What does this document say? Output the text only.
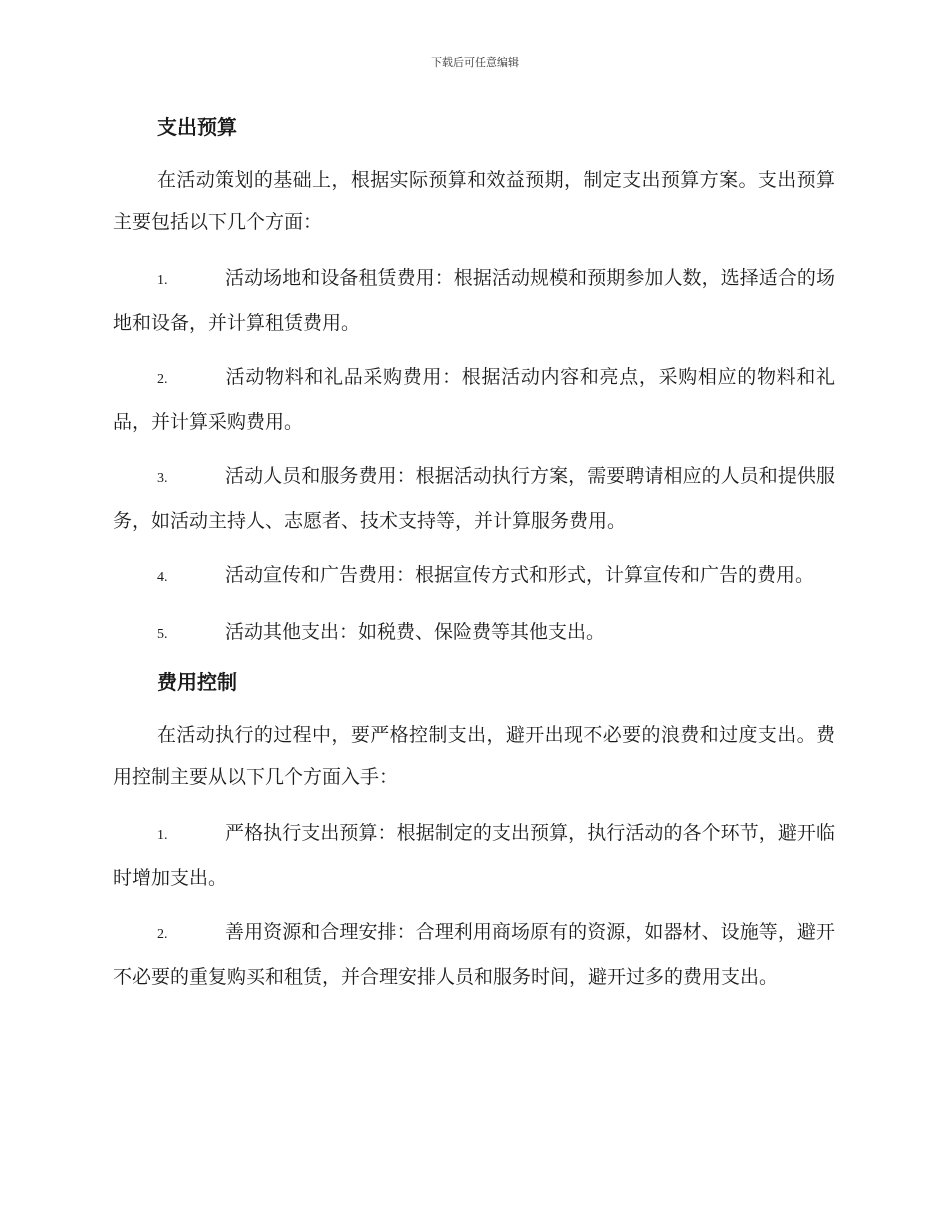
下载后可任意编辑
支出预算

在活动策划的基础上，根据实际预算和效益预期，制定支出预算方案。支出预算主要包括以下几个方面：

1.	活动场地和设备租赁费用：根据活动规模和预期参加人数，选择适合的场地和设备，并计算租赁费用。

2.	活动物料和礼品采购费用：根据活动内容和亮点，采购相应的物料和礼品，并计算采购费用。

3.	活动人员和服务费用：根据活动执行方案，需要聘请相应的人员和提供服务，如活动主持人、志愿者、技术支持等，并计算服务费用。

4.	活动宣传和广告费用：根据宣传方式和形式，计算宣传和广告的费用。

5.	活动其他支出：如税费、保险费等其他支出。

费用控制

在活动执行的过程中，要严格控制支出，避开出现不必要的浪费和过度支出。费用控制主要从以下几个方面入手：

1.	严格执行支出预算：根据制定的支出预算，执行活动的各个环节，避开临时增加支出。

2.	善用资源和合理安排：合理利用商场原有的资源，如器材、设施等，避开不必要的重复购买和租赁，并合理安排人员和服务时间，避开过多的费用支出。
